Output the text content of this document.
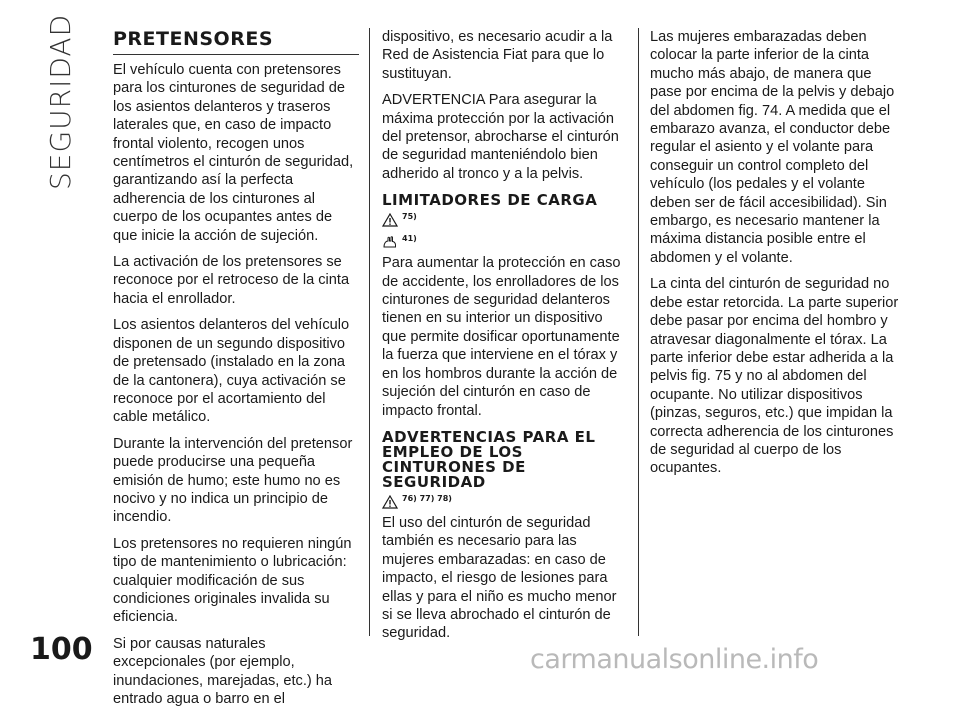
SEGURIDAD PRETENSORES

El vehículo cuenta con pretensores para los cinturones de seguridad de los asientos delanteros y traseros laterales que, en caso de impacto frontal violento, recogen unos centímetros el cinturón de seguridad, garantizando así la perfecta adherencia de los cinturones al cuerpo de los ocupantes antes de que inicie la acción de sujeción.

La activación de los pretensores se reconoce por el retroceso de la cinta hacia el enrollador.

Los asientos delanteros del vehículo disponen de un segundo dispositivo de pretensado (instalado en la zona de la cantonera), cuya activación se reconoce por el acortamiento del cable metálico.

Durante la intervención del pretensor puede producirse una pequeña emisión de humo; este humo no es nocivo y no indica un principio de incendio.

Los pretensores no requieren ningún tipo de mantenimiento o lubricación: cualquier modificación de sus condiciones originales invalida su eficiencia.

Si por causas naturales excepcionales (por ejemplo, inundaciones, marejadas, etc.) ha entrado agua o barro en el

dispositivo, es necesario acudir a la Red de Asistencia Fiat para que lo sustituyan.

ADVERTENCIA Para asegurar la máxima protección por la activación del pretensor, abrocharse el cinturón de seguridad manteniéndolo bien adherido al tronco y a la pelvis.

LIMITADORES DE CARGA
75)
41)

Para aumentar la protección en caso de accidente, los enrolladores de los cinturones de seguridad delanteros tienen en su interior un dispositivo que permite dosificar oportunamente la fuerza que interviene en el tórax y en los hombros durante la acción de sujeción del cinturón en caso de impacto frontal.

ADVERTENCIAS PARA EL EMPLEO DE LOS CINTURONES DE SEGURIDAD
76) 77) 78)

El uso del cinturón de seguridad también es necesario para las mujeres embarazadas: en caso de impacto, el riesgo de lesiones para ellas y para el niño es mucho menor si se lleva abrochado el cinturón de seguridad.

Las mujeres embarazadas deben colocar la parte inferior de la cinta mucho más abajo, de manera que pase por encima de la pelvis y debajo del abdomen fig. 74. A medida que el embarazo avanza, el conductor debe regular el asiento y el volante para conseguir un control completo del vehículo (los pedales y el volante deben ser de fácil accesibilidad). Sin embargo, es necesario mantener la máxima distancia posible entre el abdomen y el volante.

La cinta del cinturón de seguridad no debe estar retorcida. La parte superior debe pasar por encima del hombro y atravesar diagonalmente el tórax. La parte inferior debe estar adherida a la pelvis fig. 75 y no al abdomen del ocupante. No utilizar dispositivos (pinzas, seguros, etc.) que impidan la correcta adherencia de los cinturones de seguridad al cuerpo de los ocupantes.

100	carmanualsonline.info
